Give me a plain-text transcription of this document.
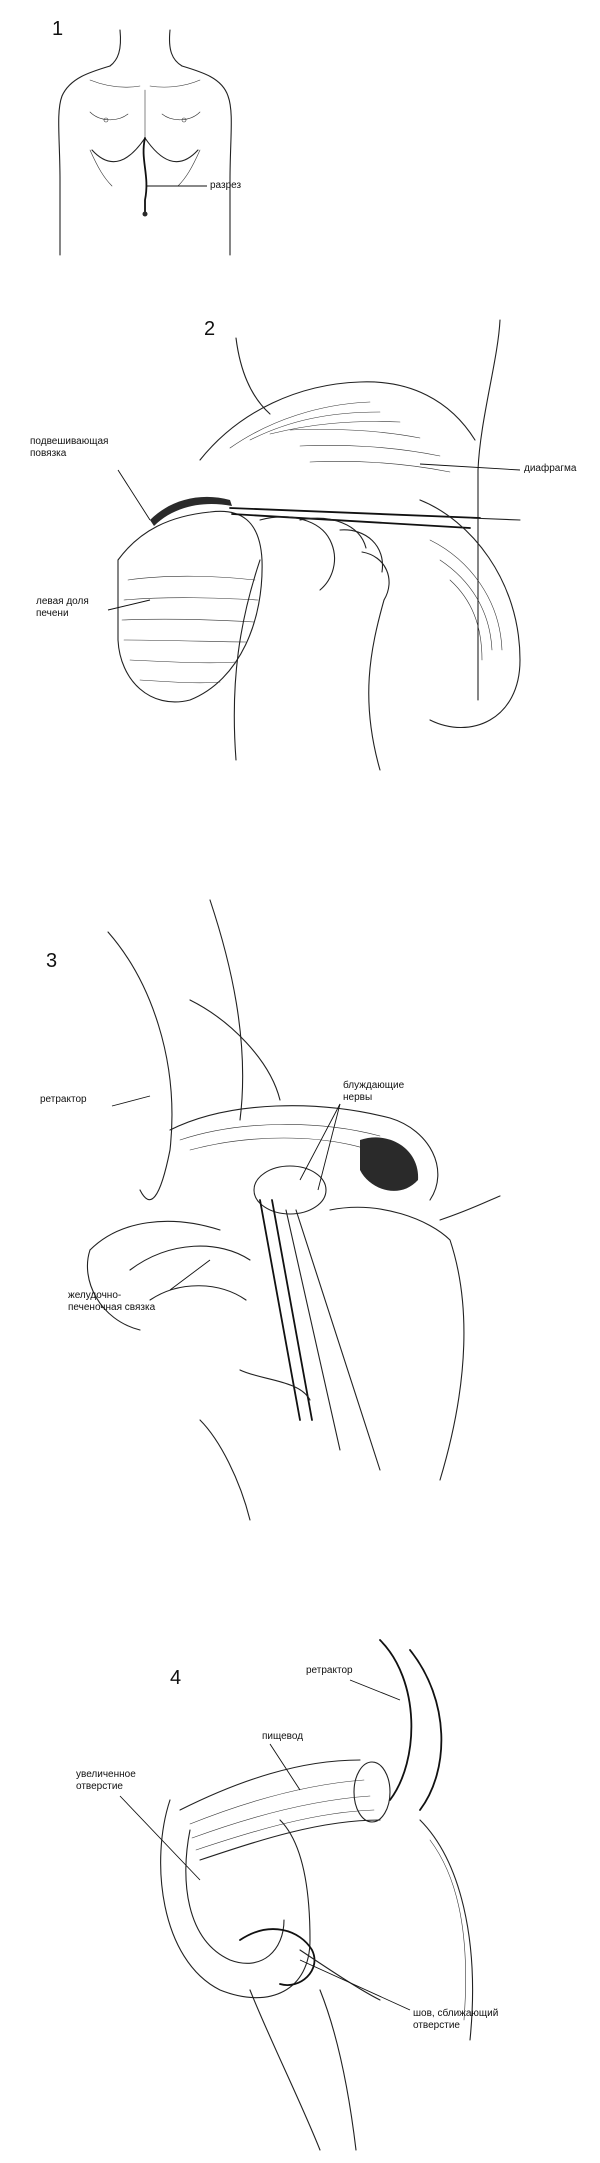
1
разрез
2
подвешивающая
повязка
диафрагма
левая доля
печени
3
ретрактор
блуждающие
нервы
желудочно-
печеночная связка
4	ретрактор
пищевод
увеличенное
отверстие
шов, сближающий
отверстие
